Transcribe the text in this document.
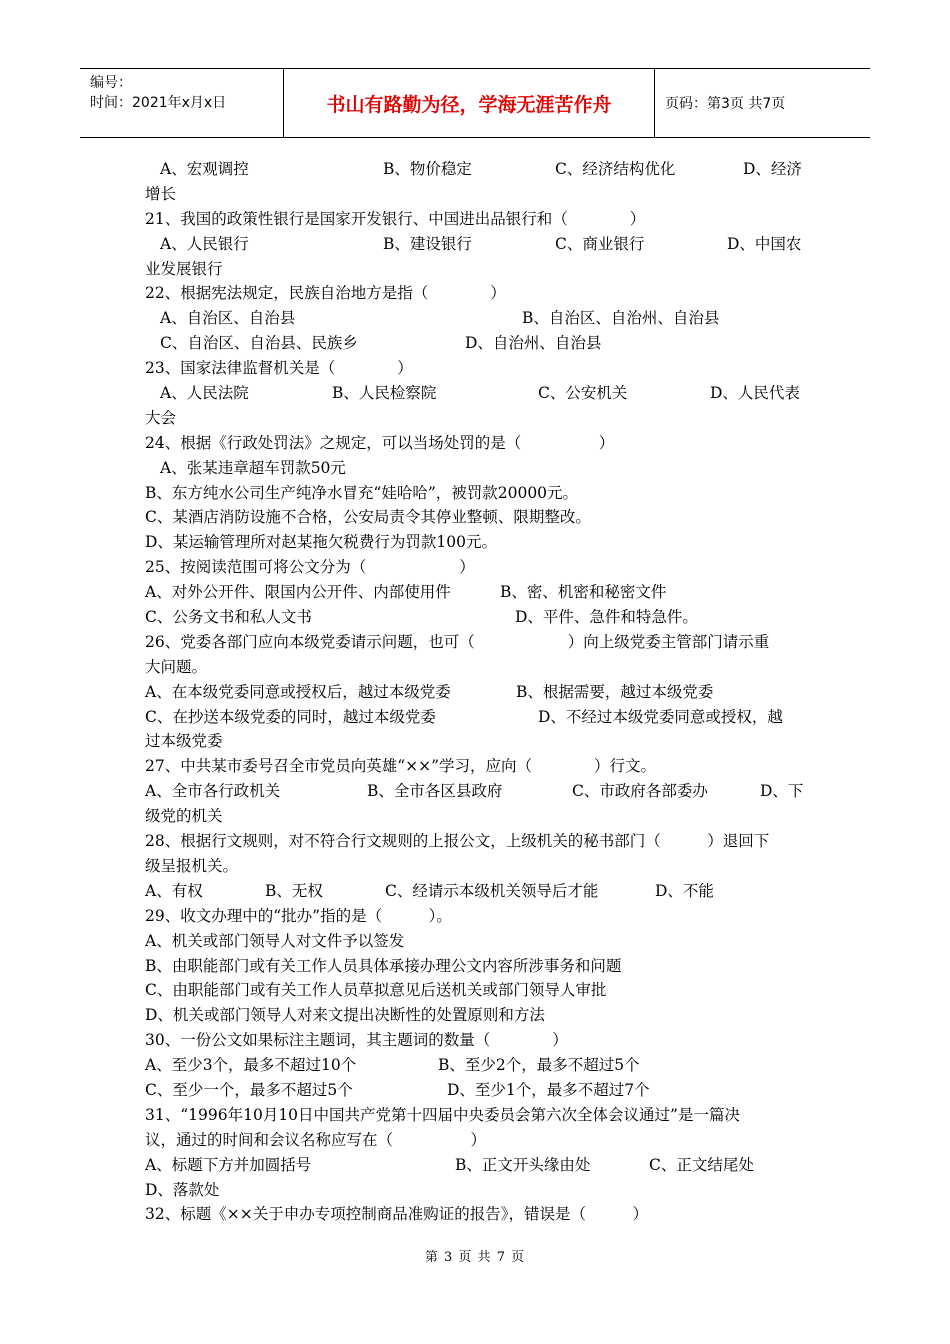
编号：
时间：2021年x月x日	书山有路勤为径，学海无涯苦作舟	页码：第3页 共7页
A、宏观调控	B、物价稳定	C、经济结构优化	D、经济
增长
21、我国的政策性银行是国家开发银行、中国进出品银行和（　　　　）
A、人民银行	B、建设银行	C、商业银行	D、中国农
业发展银行
22、根据宪法规定，民族自治地方是指（　　　　）
A、自治区、自治县	B、自治区、自治州、自治县
C、自治区、自治县、民族乡	D、自治州、自治县
23、国家法律监督机关是（　　　　）
A、人民法院	B、人民检察院	C、公安机关	D、人民代表
大会
24、根据《行政处罚法》之规定，可以当场处罚的是（　　　　　）
A、张某违章超车罚款50元
B、东方纯水公司生产纯净水冒充“娃哈哈”，被罚款20000元。
C、某酒店消防设施不合格，公安局责令其停业整顿、限期整改。
D、某运输管理所对赵某拖欠税费行为罚款100元。
25、按阅读范围可将公文分为（　　　　　　）
A、对外公开件、限国内公开件、内部使用件	B、密、机密和秘密文件
C、公务文书和私人文书	D、平件、急件和特急件。
26、党委各部门应向本级党委请示问题，也可（　　　　　　）向上级党委主管部门请示重
大问题。
A、在本级党委同意或授权后，越过本级党委	B、根据需要，越过本级党委
C、在抄送本级党委的同时，越过本级党委	D、不经过本级党委同意或授权，越
过本级党委
27、中共某市委号召全市党员向英雄“××”学习，应向（　　　　）行文。
A、全市各行政机关	B、全市各区县政府	C、市政府各部委办	D、下
级党的机关
28、根据行文规则，对不符合行文规则的上报公文，上级机关的秘书部门（　　　）退回下
级呈报机关。
A、有权	B、无权	C、经请示本级机关领导后才能	D、不能
29、收文办理中的“批办”指的是（　　　）。
A、机关或部门领导人对文件予以签发
B、由职能部门或有关工作人员具体承接办理公文内容所涉事务和问题
C、由职能部门或有关工作人员草拟意见后送机关或部门领导人审批
D、机关或部门领导人对来文提出决断性的处置原则和方法
30、一份公文如果标注主题词，其主题词的数量（　　　　）
A、至少3个，最多不超过10个	B、至少2个，最多不超过5个
C、至少一个，最多不超过5个	D、至少1个，最多不超过7个
31、“1996年10月10日中国共产党第十四届中央委员会第六次全体会议通过”是一篇决
议，通过的时间和会议名称应写在（　　　　　）
A、标题下方并加圆括号	B、正文开头缘由处	C、正文结尾处
D、落款处
32、标题《××关于申办专项控制商品准购证的报告》，错误是（　　　）
第 3 页 共 7 页
